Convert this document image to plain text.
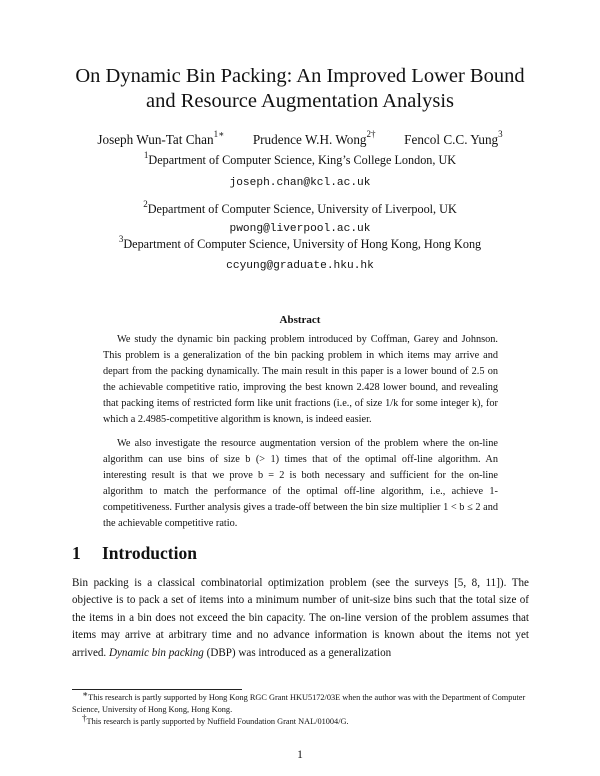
On Dynamic Bin Packing: An Improved Lower Bound
and Resource Augmentation Analysis
Joseph Wun-Tat Chan$^{1∗}$ Prudence W.H. Wong$^{2\dagger}$ Fencol C.C. Yung$^3$
$^1$Department of Computer Science, King’s College London, UK
joseph.chan@kcl.ac.uk
$^2$Department of Computer Science, University of Liverpool, UK
pwong@liverpool.ac.uk
$^3$Department of Computer Science, University of Hong Kong, Hong Kong
ccyung@graduate.hku.hk
Abstract

We study the dynamic bin packing problem introduced by Coffman, Garey and Johnson. This problem is a generalization of the bin packing problem in which items may arrive and depart from the packing dynamically. The main result in this paper is a lower bound of 2.5 on the achievable competitive ratio, improving the best known 2.428 lower bound, and revealing that packing items of restricted form like unit fractions (i.e., of size 1/k for some integer k), for which a 2.4985-competitive algorithm is known, is indeed easier.

We also investigate the resource augmentation version of the problem where the on-line algorithm can use bins of size b (> 1) times that of the optimal off-line algorithm. An interesting result is that we prove b = 2 is both necessary and sufficient for the on-line algorithm to match the performance of the optimal off-line algorithm, i.e., achieve 1-competitiveness. Further analysis gives a trade-off between the bin size multiplier 1 < b ≤ 2 and the achievable competitive ratio.

1 Introduction

Bin packing is a classical combinatorial optimization problem (see the surveys [5, 8, 11]). The objective is to pack a set of items into a minimum number of unit-size bins such that the total size of the items in a bin does not exceed the bin capacity. The on-line version of the problem assumes that items may arrive at arbitrary time and no advance information is known about the items not yet arrived. Dynamic bin packing (DBP) was introduced as a generalization

∗This research is partly supported by Hong Kong RGC Grant HKU5172/03E when the author was with the Department of Computer Science, University of Hong Kong, Hong Kong.

†This research is partly supported by Nuffield Foundation Grant NAL/01004/G.

1
